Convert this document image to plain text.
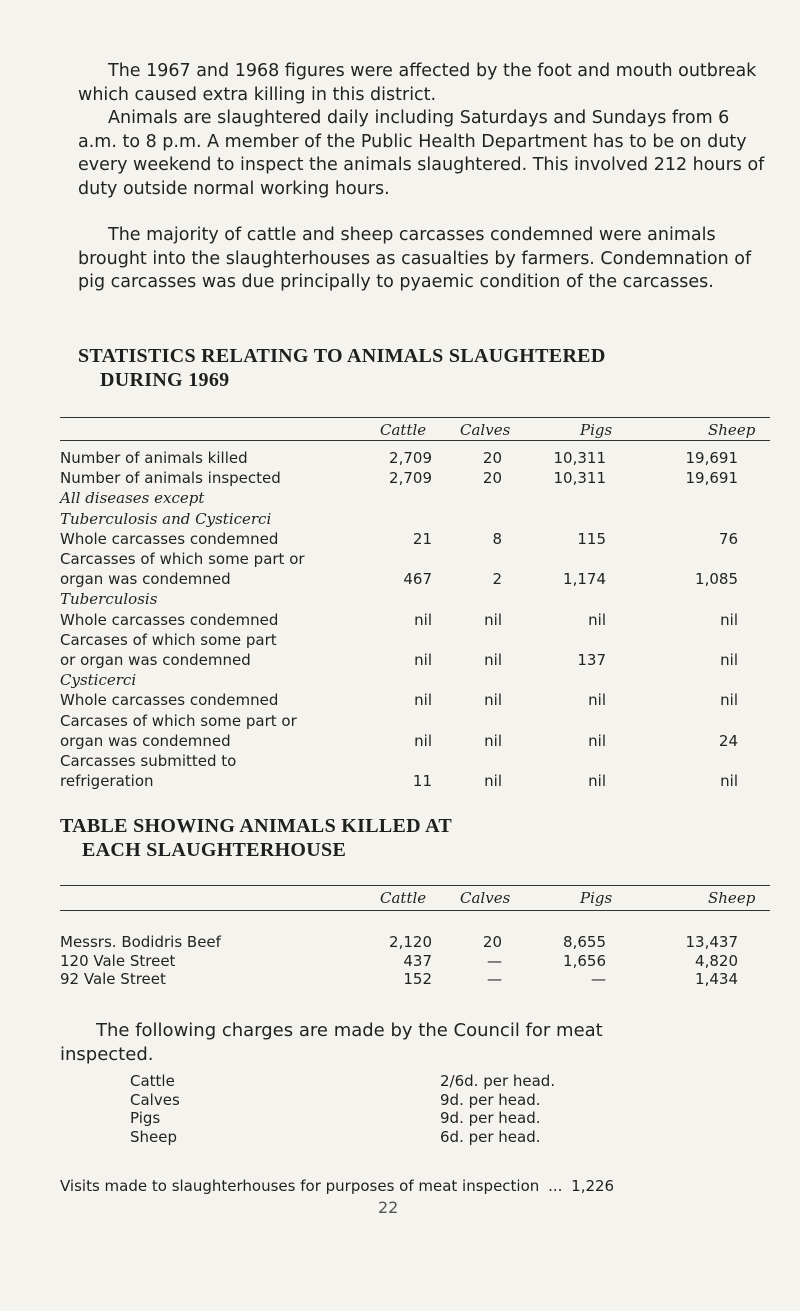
The 1967 and 1968 figures were affected by the foot and mouth outbreak which caused extra killing in this district.

Animals are slaughtered daily including Saturdays and Sundays from 6 a.m. to 8 p.m. A member of the Public Health Department has to be on duty every weekend to inspect the animals slaughtered. This involved 212 hours of duty outside normal working hours.

The majority of cattle and sheep carcasses condemned were animals brought into the slaughterhouses as casualties by farmers. Condemnation of pig carcasses was due principally to pyaemic condition of the carcasses.

STATISTICS RELATING TO ANIMALS SLAUGHTERED
DURING 1969
Cattle Calves	Pigs	Sheep
Number of animals killed	2,709	20	10,311	19,691
Number of animals inspected	2,709	20	10,311	19,691
All diseases except
Tuberculosis and Cysticerci
Whole carcasses condemned	21	8	115	76
Carcasses of which some part or
organ was condemned	467	2	1,174	1,085
Tuberculosis
Whole carcasses condemned	nil	nil	nil	nil
Carcases of which some part
or organ was condemned	nil	nil	137	nil
Cysticerci
Whole carcasses condemned	nil	nil	nil	nil
Carcases of which some part or
organ was condemned	nil	nil	nil	24
Carcasses submitted to
refrigeration	11	nil	nil	nil
TABLE SHOWING ANIMALS KILLED AT
EACH SLAUGHTERHOUSE
Cattle Calves	Pigs	Sheep
Messrs. Bodidris Beef	2,120	20	8,655	13,437
120 Vale Street	437	—	1,656	4,820
92 Vale Street	152	—	—	1,434
The following charges are made by the Council for meat
inspected.
Cattle	2/6d. per head.
Calves	9d. per head.
Pigs	9d. per head.
Sheep	6d. per head.
Visits made to slaughterhouses for purposes of meat inspection ... 1,226
22
